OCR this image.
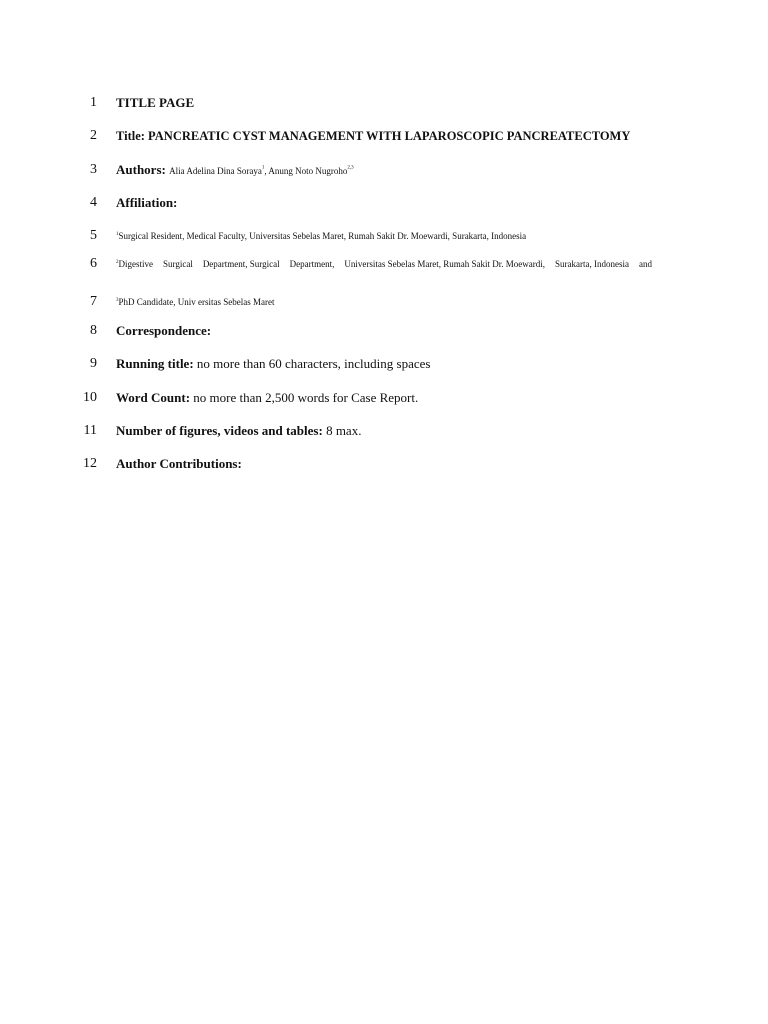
1 TITLE PAGE
2 Title: PANCREATIC CYST MANAGEMENT WITH LAPAROSCOPIC PANCREATECTOMY
3 Authors: Alia Adelina Dina Soraya$^1$, Anung Noto Nugroho$^{2,3}$
4 Affiliation:
5	$^1$Surgical Resident, Medical Faculty, Universitas Sebelas Maret, Rumah Sakit Dr. Moewardi, Surakarta, Indonesia
6	$^2$Digestive Surgical Department, Surgical Department, Universitas Sebelas Maret, Rumah Sakit Dr. Moewardi, Surakarta, Indonesia and
7	$^3$PhD Candidate, Univ ersitas Sebelas Maret
8 Correspondence:
9 Running title: no more than 60 characters, including spaces
10 Word Count: no more than 2,500 words for Case Report.
11 Number of figures, videos and tables: 8 max.
12 Author Contributions:
